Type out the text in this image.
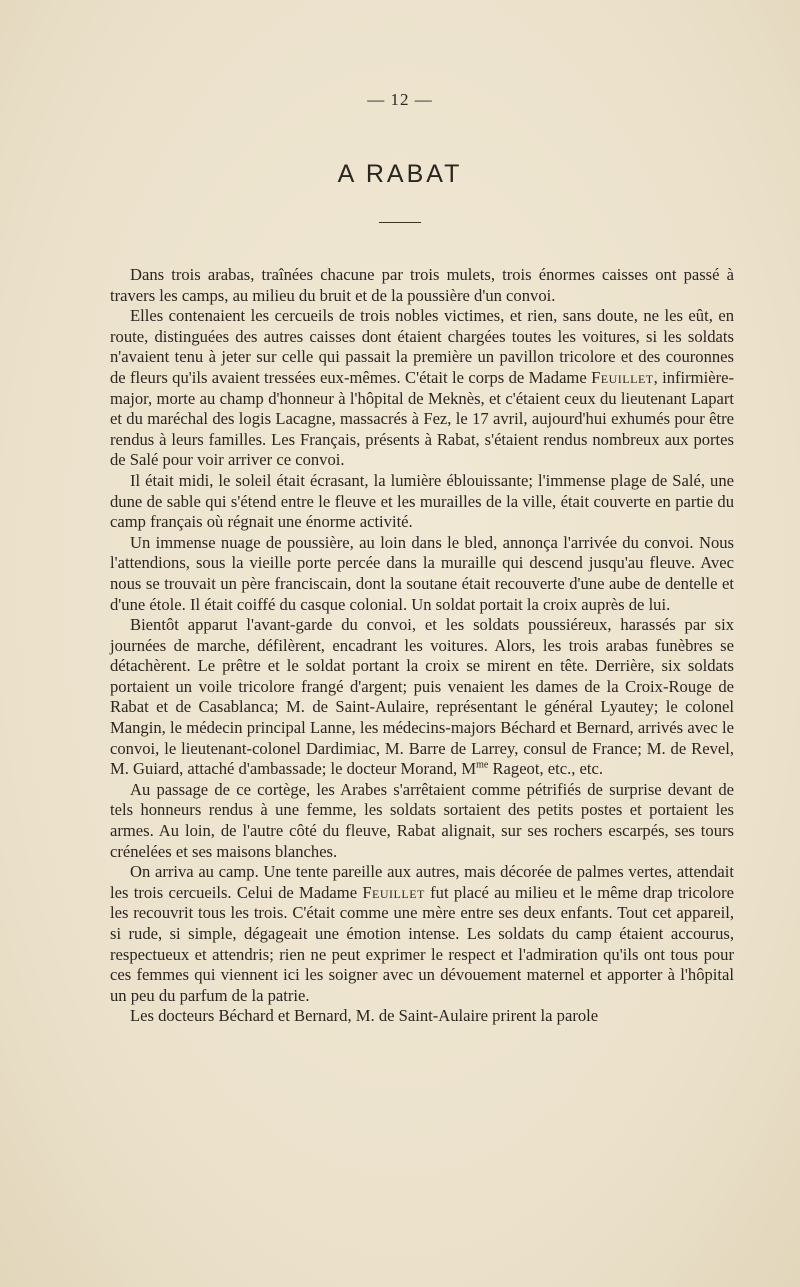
— 12 —
A RABAT

Dans trois arabas, traînées chacune par trois mulets, trois énormes caisses ont passé à travers les camps, au milieu du bruit et de la poussière d'un convoi.

Elles contenaient les cercueils de trois nobles victimes, et rien, sans doute, ne les eût, en route, distinguées des autres caisses dont étaient chargées toutes les voitures, si les soldats n'avaient tenu à jeter sur celle qui passait la première un pavillon tricolore et des couronnes de fleurs qu'ils avaient tressées eux-mêmes. C'était le corps de Madame Feuillet, infirmière-major, morte au champ d'honneur à l'hôpital de Meknès, et c'étaient ceux du lieutenant Lapart et du maréchal des logis Lacagne, massacrés à Fez, le 17 avril, aujourd'hui exhumés pour être rendus à leurs familles. Les Français, présents à Rabat, s'étaient rendus nombreux aux portes de Salé pour voir arriver ce convoi.

Il était midi, le soleil était écrasant, la lumière éblouissante; l'immense plage de Salé, une dune de sable qui s'étend entre le fleuve et les murailles de la ville, était couverte en partie du camp français où régnait une énorme activité.

Un immense nuage de poussière, au loin dans le bled, annonça l'arrivée du convoi. Nous l'attendions, sous la vieille porte percée dans la muraille qui descend jusqu'au fleuve. Avec nous se trouvait un père franciscain, dont la soutane était recouverte d'une aube de dentelle et d'une étole. Il était coiffé du casque colonial. Un soldat portait la croix auprès de lui.

Bientôt apparut l'avant-garde du convoi, et les soldats poussiéreux, harassés par six journées de marche, défilèrent, encadrant les voitures. Alors, les trois arabas funèbres se détachèrent. Le prêtre et le soldat portant la croix se mirent en tête. Derrière, six soldats portaient un voile tricolore frangé d'argent; puis venaient les dames de la Croix-Rouge de Rabat et de Casablanca; M. de Saint-Aulaire, représentant le général Lyautey; le colonel Mangin, le médecin principal Lanne, les médecins-majors Béchard et Bernard, arrivés avec le convoi, le lieutenant-colonel Dardimiac, M. Barre de Larrey, consul de France; M. de Revel, M. Guiard, attaché d'ambassade; le docteur Morand, $M^{me}$ Rageot, etc., etc.

Au passage de ce cortège, les Arabes s'arrêtaient comme pétrifiés de surprise devant de tels honneurs rendus à une femme, les soldats sortaient des petits postes et portaient les armes. Au loin, de l'autre côté du fleuve, Rabat alignait, sur ses rochers escarpés, ses tours crénelées et ses maisons blanches.

On arriva au camp. Une tente pareille aux autres, mais décorée de palmes vertes, attendait les trois cercueils. Celui de Madame Feuillet fut placé au milieu et le même drap tricolore les recouvrit tous les trois. C'était comme une mère entre ses deux enfants. Tout cet appareil, si rude, si simple, dégageait une émotion intense. Les soldats du camp étaient accourus, respectueux et attendris; rien ne peut exprimer le respect et l'admiration qu'ils ont tous pour ces femmes qui viennent ici les soigner avec un dévouement maternel et apporter à l'hôpital un peu du parfum de la patrie.

Les docteurs Béchard et Bernard, M. de Saint-Aulaire prirent la parole
